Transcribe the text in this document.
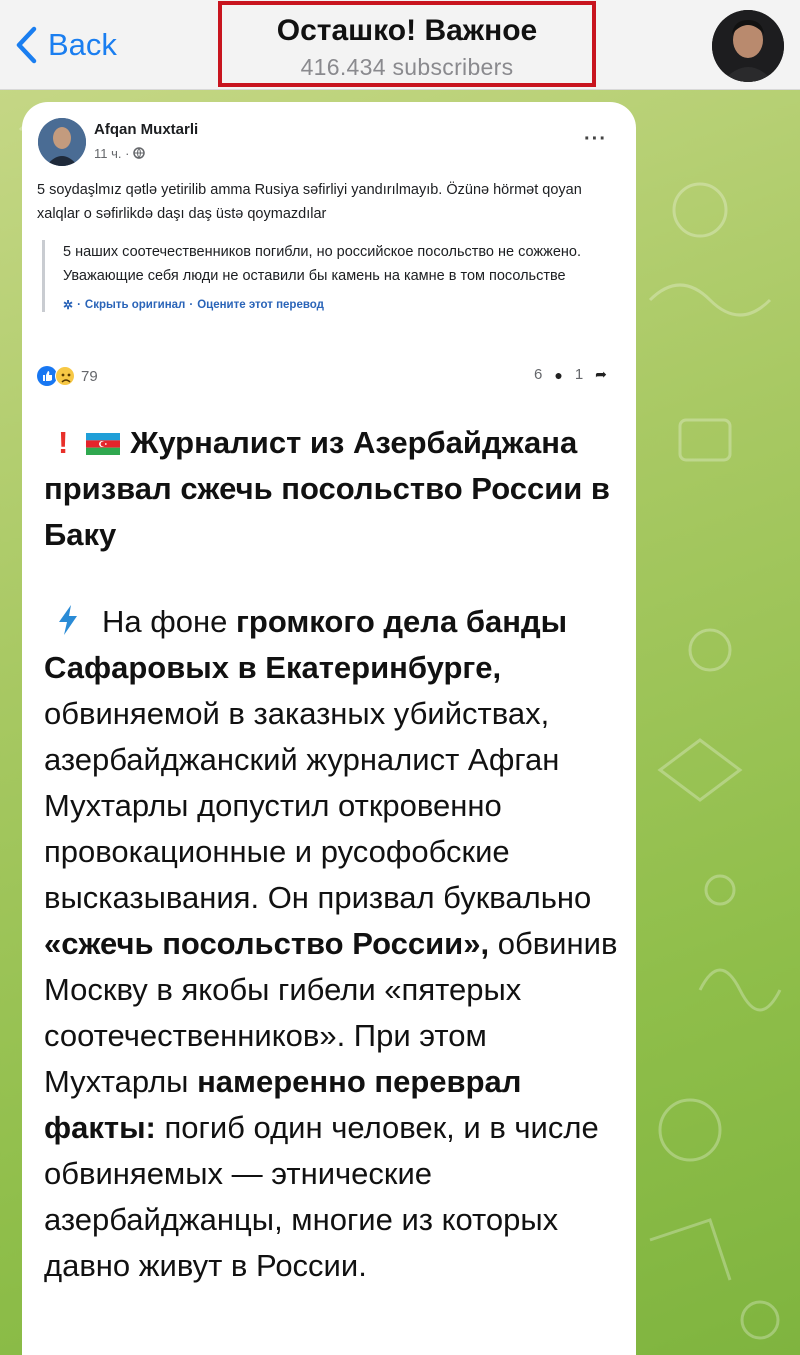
Back	Осташко! Важное
416.434 subscribers
Afqan Muxtarli
11 ч. ·
···
5 soydaşlmız qətlə yetirilib amma Rusiya səfirliyi yandırılmayıb. Özünə hörmət qoyan xalqlar o səfirlikdə daşı daş üstə qoymazdılar
5 наших соотечественников погибли, но российское посольство не сожжено. Уважающие себя люди не оставили бы камень на камне в том посольстве
✲ · Скрыть оригинал · Оцените этот перевод
79	6 ● 1 ➦
! Журналист из Азербайджана призвал сжечь посольство России в Баку
На фоне громкого дела банды Сафаровых в Екатеринбурге, обвиняемой в заказных убийствах, азербайджанский журналист Афган Мухтарлы допустил откровенно провокационные и русофобские высказывания. Он призвал буквально «сжечь посольство России», обвинив Москву в якобы гибели «пятерых соотечественников». При этом Мухтарлы намеренно переврал факты: погиб один человек, и в числе обвиняемых — этнические азербайджанцы, многие из которых давно живут в России.
